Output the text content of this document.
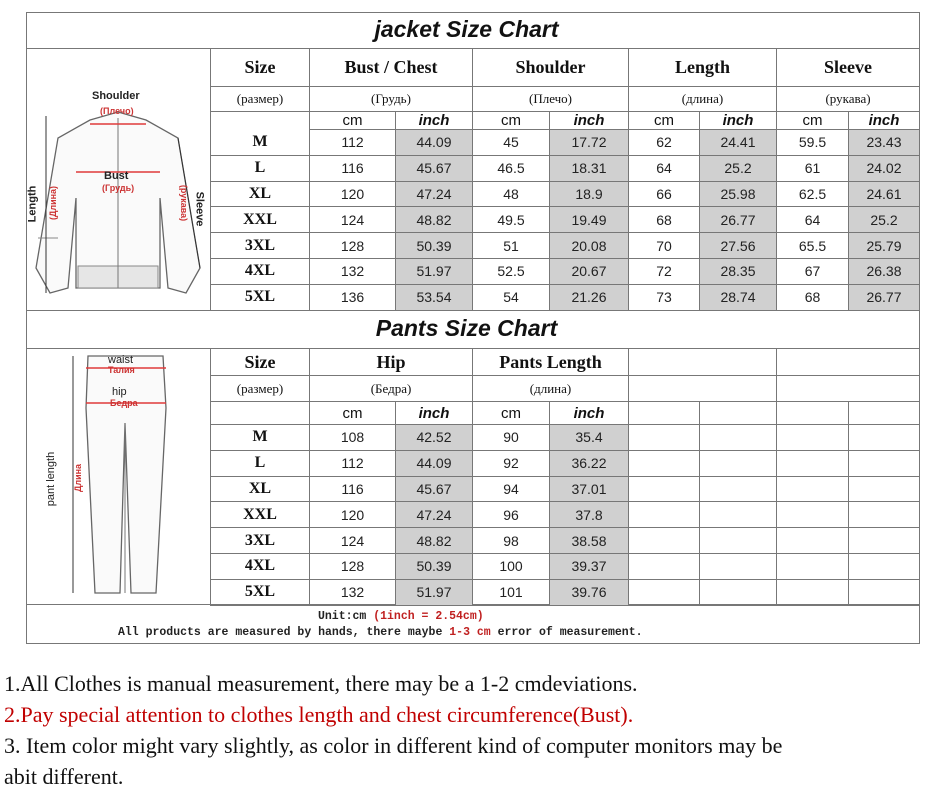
jacket Size Chart
Pants Size Chart
Shoulder
(Плечо)
Bust
(Грудь)
Length (Длина)	Sleeve
(рукава)
waist
Талия
hip
Бедра
pant length Длина
Size
(размер)
Bust / Chest
(Грудь)
Shoulder
(Плечо)
Length
(длина)
Sleeve
(рукава)
cm	inch	cm	inch	cm	inch	cm	inch
M	112	44.09	45	17.72	62	24.41	59.5	23.43
L	116	45.67	46.5	18.31	64	25.2	61	24.02
XL	120	47.24	48	18.9	66	25.98	62.5	24.61
XXL	124	48.82	49.5	19.49	68	26.77	64	25.2
3XL	128	50.39	51	20.08	70	27.56	65.5	25.79
4XL	132	51.97	52.5	20.67	72	28.35	67	26.38
5XL	136	53.54	54	21.26	73	28.74	68	26.77
Size
(размер)
Hip
(Бедра)
Pants Length
(длина)
cm	inch	cm	inch
M	108	42.52	90	35.4
L	112	44.09	92	36.22
XL	116	45.67	94	37.01
XXL	120	47.24	96	37.8
3XL	124	48.82	98	38.58
4XL	128	50.39	100	39.37
5XL	132	51.97	101	39.76
Unit:cm (1inch = 2.54cm)
All products are measured by hands, there maybe 1-3 cm error of measurement.
1.All Clothes is manual measurement, there may be a 1-2 cmdeviations.
2.Pay special attention to clothes length and chest circumference(Bust).
3. Item color might vary slightly, as color in different kind of computer monitors may be
abit different.
